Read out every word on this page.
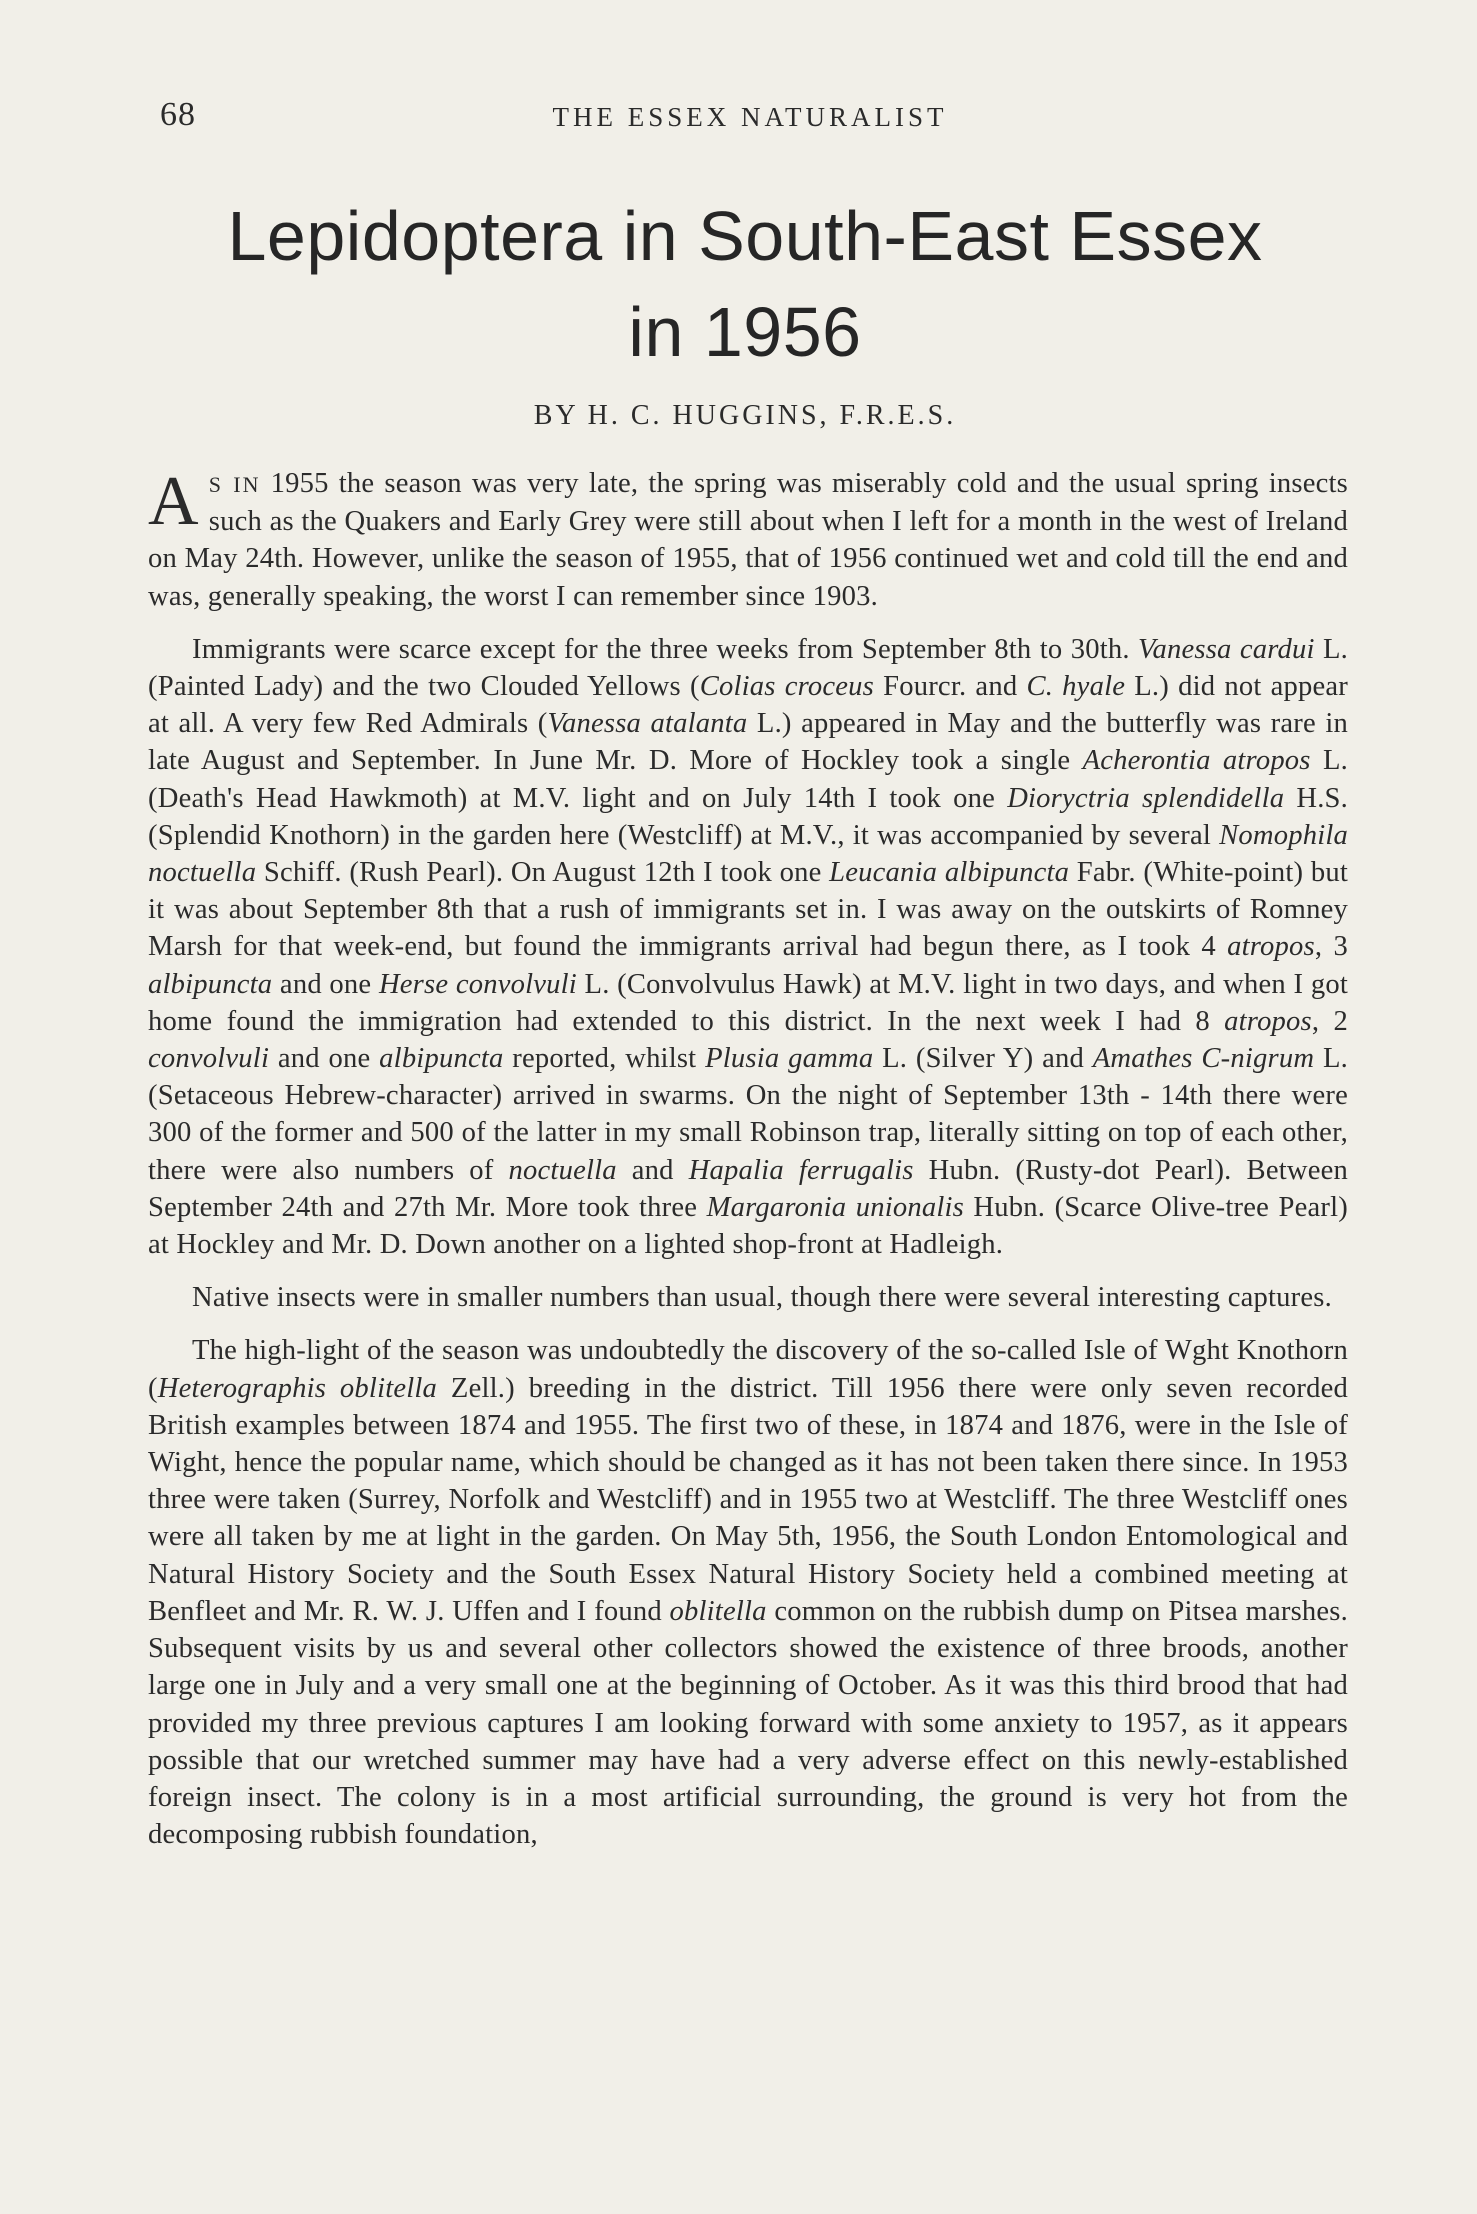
68	THE ESSEX NATURALIST
Lepidoptera in South-East Essex
in 1956
BY H. C. HUGGINS, F.R.E.S.

AS IN 1955 the season was very late, the spring was miserably cold and the usual spring insects such as the Quakers and Early Grey were still about when I left for a month in the west of Ireland on May 24th. However, unlike the season of 1955, that of 1956 continued wet and cold till the end and was, generally speaking, the worst I can remember since 1903.

Immigrants were scarce except for the three weeks from September 8th to 30th. Vanessa cardui L. (Painted Lady) and the two Clouded Yellows (Colias croceus Fourcr. and C. hyale L.) did not appear at all. A very few Red Admirals (Vanessa atalanta L.) appeared in May and the butterfly was rare in late August and September. In June Mr. D. More of Hockley took a single Acherontia atropos L. (Death's Head Hawkmoth) at M.V. light and on July 14th I took one Dioryctria splendidella H.S. (Splendid Knothorn) in the garden here (Westcliff) at M.V., it was accompanied by several Nomophila noctuella Schiff. (Rush Pearl). On August 12th I took one Leucania albipuncta Fabr. (White-point) but it was about September 8th that a rush of immigrants set in. I was away on the outskirts of Romney Marsh for that week-end, but found the immigrants arrival had begun there, as I took 4 atropos, 3 albipuncta and one Herse convolvuli L. (Convolvulus Hawk) at M.V. light in two days, and when I got home found the immigration had extended to this district. In the next week I had 8 atropos, 2 convolvuli and one albipuncta reported, whilst Plusia gamma L. (Silver Y) and Amathes C-nigrum L. (Setaceous Hebrew-character) arrived in swarms. On the night of September 13th - 14th there were 300 of the former and 500 of the latter in my small Robinson trap, literally sitting on top of each other, there were also numbers of noctuella and Hapalia ferrugalis Hubn. (Rusty-dot Pearl). Between September 24th and 27th Mr. More took three Margaronia unionalis Hubn. (Scarce Olive-tree Pearl) at Hockley and Mr. D. Down another on a lighted shop-front at Hadleigh.

Native insects were in smaller numbers than usual, though there were several interesting captures.

The high-light of the season was undoubtedly the discovery of the so-called Isle of Wght Knothorn (Heterographis oblitella Zell.) breeding in the district. Till 1956 there were only seven recorded British examples between 1874 and 1955. The first two of these, in 1874 and 1876, were in the Isle of Wight, hence the popular name, which should be changed as it has not been taken there since. In 1953 three were taken (Surrey, Norfolk and Westcliff) and in 1955 two at Westcliff. The three Westcliff ones were all taken by me at light in the garden. On May 5th, 1956, the South London Entomological and Natural History Society and the South Essex Natural History Society held a combined meeting at Benfleet and Mr. R. W. J. Uffen and I found oblitella common on the rubbish dump on Pitsea marshes. Subsequent visits by us and several other collectors showed the existence of three broods, another large one in July and a very small one at the beginning of October. As it was this third brood that had provided my three previous captures I am looking forward with some anxiety to 1957, as it appears possible that our wretched summer may have had a very adverse effect on this newly-established foreign insect. The colony is in a most artificial surrounding, the ground is very hot from the decomposing rubbish foundation,
